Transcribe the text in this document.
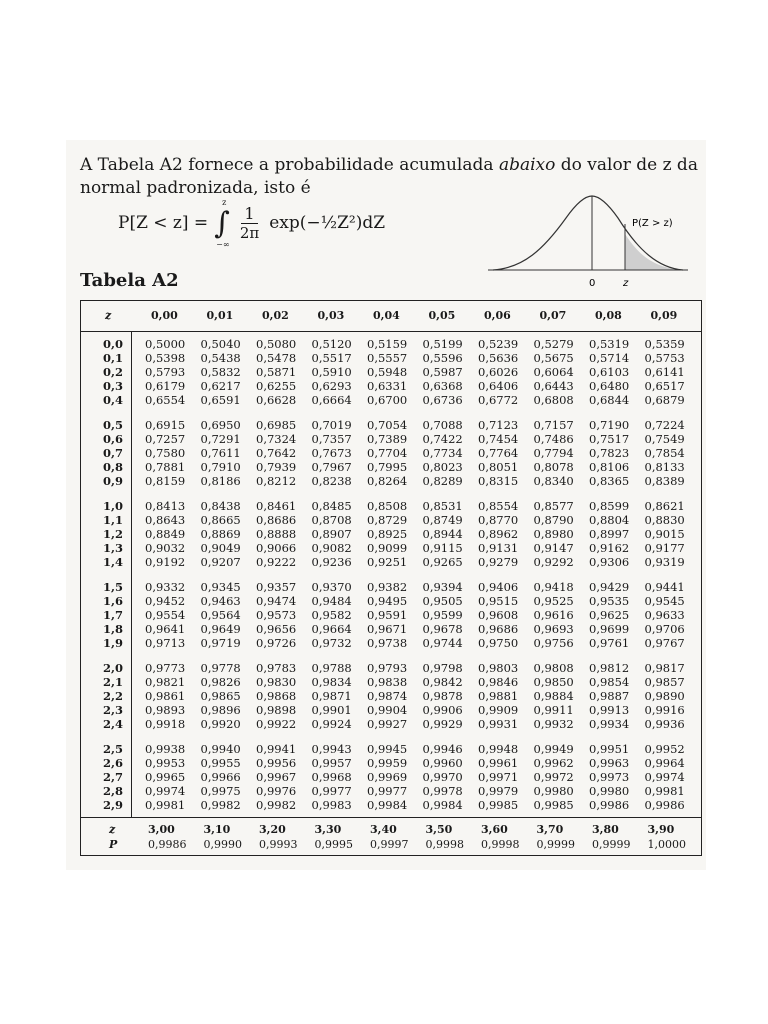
A Tabela A2 fornece a probabilidade acumulada abaixo do valor de z da normal padronizada, isto é
P[Z < z] = ∫
z
−∞
$\frac{1}{2\pi}$ exp(−½Z²)dZ	P(Z > z)
0	z
Tabela A2
z	0,00	0,01	0,02	0,03	0,04	0,05	0,06	0,07	0,08	0,09
0,0 0,5000 0,5040 0,5080 0,5120 0,5159 0,5199 0,5239 0,5279 0,5319 0,5359
0,1 0,5398 0,5438 0,5478 0,5517 0,5557 0,5596 0,5636 0,5675 0,5714 0,5753
0,2 0,5793 0,5832 0,5871 0,5910 0,5948 0,5987 0,6026 0,6064 0,6103 0,6141
0,3 0,6179 0,6217 0,6255 0,6293 0,6331 0,6368 0,6406 0,6443 0,6480 0,6517
0,4 0,6554 0,6591 0,6628 0,6664 0,6700 0,6736 0,6772 0,6808 0,6844 0,6879
0,5 0,6915 0,6950 0,6985 0,7019 0,7054 0,7088 0,7123 0,7157 0,7190 0,7224
0,6 0,7257 0,7291 0,7324 0,7357 0,7389 0,7422 0,7454 0,7486 0,7517 0,7549
0,7 0,7580 0,7611 0,7642 0,7673 0,7704 0,7734 0,7764 0,7794 0,7823 0,7854
0,8 0,7881 0,7910 0,7939 0,7967 0,7995 0,8023 0,8051 0,8078 0,8106 0,8133
0,9 0,8159 0,8186 0,8212 0,8238 0,8264 0,8289 0,8315 0,8340 0,8365 0,8389
1,0 0,8413 0,8438 0,8461 0,8485 0,8508 0,8531 0,8554 0,8577 0,8599 0,8621
1,1 0,8643 0,8665 0,8686 0,8708 0,8729 0,8749 0,8770 0,8790 0,8804 0,8830
1,2 0,8849 0,8869 0,8888 0,8907 0,8925 0,8944 0,8962 0,8980 0,8997 0,9015
1,3 0,9032 0,9049 0,9066 0,9082 0,9099 0,9115 0,9131 0,9147 0,9162 0,9177
1,4 0,9192 0,9207 0,9222 0,9236 0,9251 0,9265 0,9279 0,9292 0,9306 0,9319
1,5 0,9332 0,9345 0,9357 0,9370 0,9382 0,9394 0,9406 0,9418 0,9429 0,9441
1,6 0,9452 0,9463 0,9474 0,9484 0,9495 0,9505 0,9515 0,9525 0,9535 0,9545
1,7 0,9554 0,9564 0,9573 0,9582 0,9591 0,9599 0,9608 0,9616 0,9625 0,9633
1,8 0,9641 0,9649 0,9656 0,9664 0,9671 0,9678 0,9686 0,9693 0,9699 0,9706
1,9 0,9713 0,9719 0,9726 0,9732 0,9738 0,9744 0,9750 0,9756 0,9761 0,9767
2,0 0,9773 0,9778 0,9783 0,9788 0,9793 0,9798 0,9803 0,9808 0,9812 0,9817
2,1 0,9821 0,9826 0,9830 0,9834 0,9838 0,9842 0,9846 0,9850 0,9854 0,9857
2,2 0,9861 0,9865 0,9868 0,9871 0,9874 0,9878 0,9881 0,9884 0,9887 0,9890
2,3 0,9893 0,9896 0,9898 0,9901 0,9904 0,9906 0,9909 0,9911 0,9913 0,9916
2,4 0,9918 0,9920 0,9922 0,9924 0,9927 0,9929 0,9931 0,9932 0,9934 0,9936
2,5 0,9938 0,9940 0,9941 0,9943 0,9945 0,9946 0,9948 0,9949 0,9951 0,9952
2,6 0,9953 0,9955 0,9956 0,9957 0,9959 0,9960 0,9961 0,9962 0,9963 0,9964
2,7 0,9965 0,9966 0,9967 0,9968 0,9969 0,9970 0,9971 0,9972 0,9973 0,9974
2,8 0,9974 0,9975 0,9976 0,9977 0,9977 0,9978 0,9979 0,9980 0,9980 0,9981
2,9 0,9981 0,9982 0,9982 0,9983 0,9984 0,9984 0,9985 0,9985 0,9986 0,9986
z	3,00	3,10	3,20	3,30	3,40	3,50	3,60	3,70	3,80	3,90
P	0,9986 0,9990 0,9993 0,9995 0,9997 0,9998 0,9998 0,9999 0,9999 1,0000
